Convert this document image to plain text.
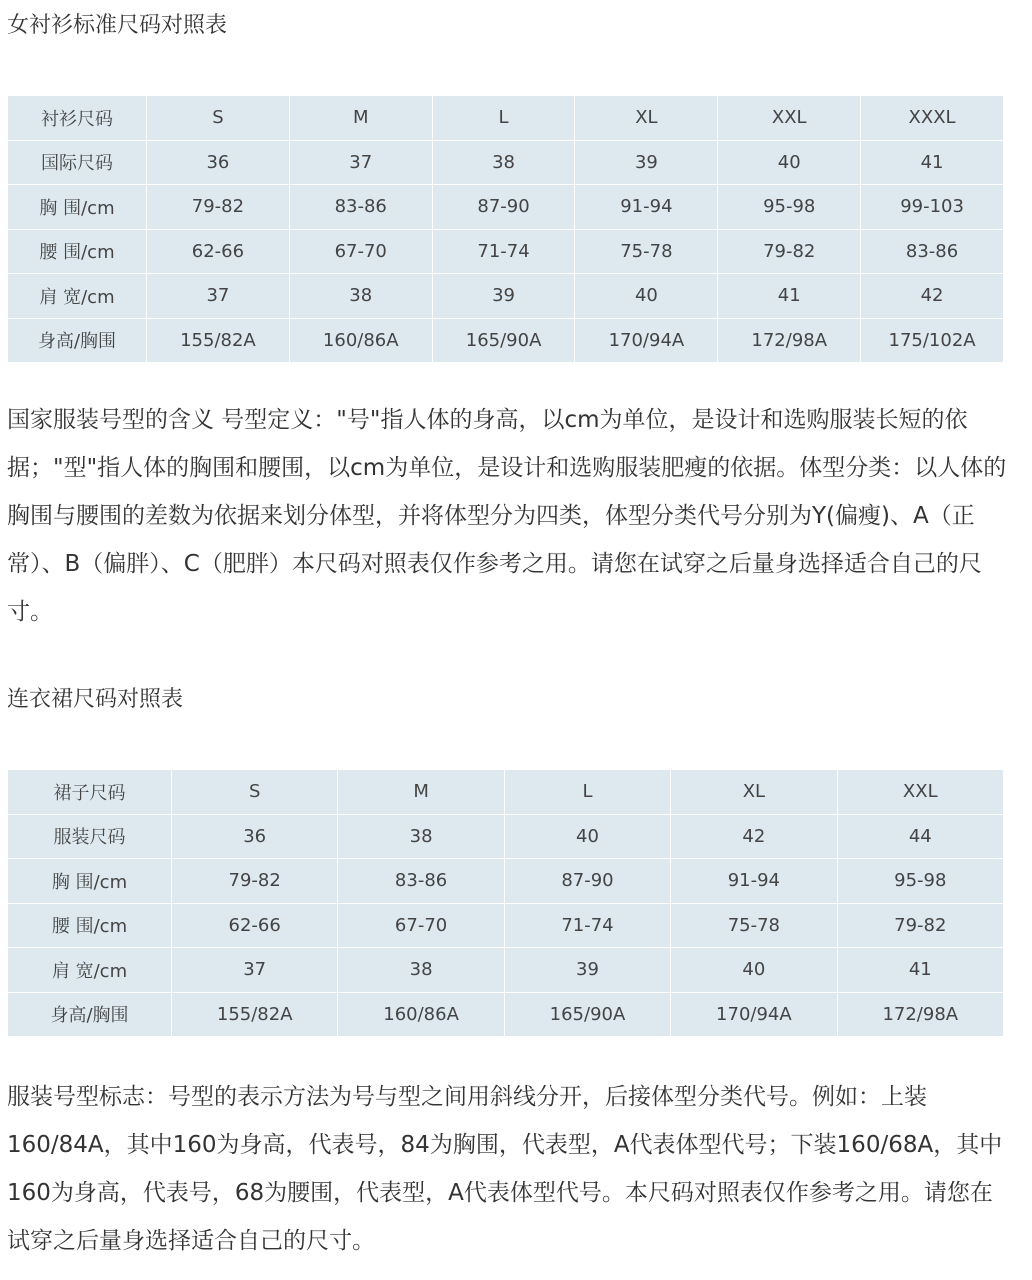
女衬衫标准尺码对照表
衬衫尺码	S	M	L	XL	XXL	XXXL
国际尺码	36	37	38	39	40	41
胸 围/cm	79-82	83-86	87-90	91-94	95-98	99-103
腰 围/cm	62-66	67-70	71-74	75-78	79-82	83-86
肩 宽/cm	37	38	39	40	41	42
身高/胸围	155/82A	160/86A	165/90A	170/94A	172/98A	175/102A

国家服装号型的含义 号型定义："号"指人体的身高，以cm为单位，是设计和选购服装长短的依据；"型"指人体的胸围和腰围，以cm为单位，是设计和选购服装肥瘦的依据。体型分类：以人体的胸围与腰围的差数为依据来划分体型，并将体型分为四类，体型分类代号分别为Y(偏瘦)、A（正常）、B（偏胖）、C（肥胖）本尺码对照表仅作参考之用。请您在试穿之后量身选择适合自己的尺寸。

连衣裙尺码对照表
裙子尺码	S	M	L	XL	XXL
服装尺码	36	38	40	42	44
胸 围/cm	79-82	83-86	87-90	91-94	95-98
腰 围/cm	62-66	67-70	71-74	75-78	79-82
肩 宽/cm	37	38	39	40	41
身高/胸围	155/82A	160/86A	165/90A	170/94A	172/98A

服装号型标志：号型的表示方法为号与型之间用斜线分开，后接体型分类代号。例如：上装160/84A，其中160为身高，代表号，84为胸围，代表型，A代表体型代号；下装160/68A，其中160为身高，代表号，68为腰围，代表型，A代表体型代号。本尺码对照表仅作参考之用。请您在试穿之后量身选择适合自己的尺寸。
